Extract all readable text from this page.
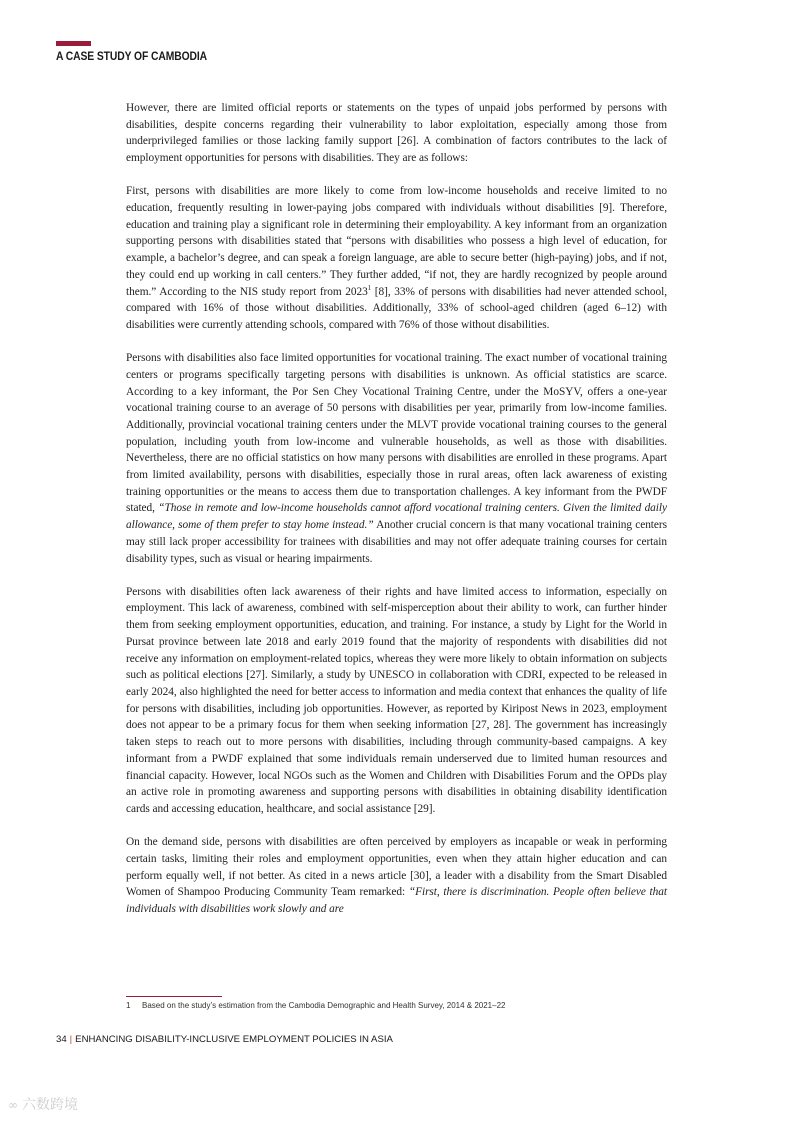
A CASE STUDY OF CAMBODIA

However, there are limited official reports or statements on the types of unpaid jobs performed by persons with disabilities, despite concerns regarding their vulnerability to labor exploitation, especially among those from underprivileged families or those lacking family support [26]. A combination of factors contributes to the lack of employment opportunities for persons with disabilities. They are as follows:

First, persons with disabilities are more likely to come from low-income households and receive limited to no education, frequently resulting in lower-paying jobs compared with individuals without disabilities [9]. Therefore, education and training play a significant role in determining their employability. A key informant from an organization supporting persons with disabilities stated that “persons with disabilities who possess a high level of education, for example, a bachelor’s degree, and can speak a foreign language, are able to secure better (high-paying) jobs, and if not, they could end up working in call centers.” They further added, “if not, they are hardly recognized by people around them.” According to the NIS study report from 2023$^1$ [8], 33% of persons with disabilities had never attended school, compared with 16% of those without disabilities. Additionally, 33% of school-aged children (aged 6–12) with disabilities were currently attending schools, compared with 76% of those without disabilities.

Persons with disabilities also face limited opportunities for vocational training. The exact number of vocational training centers or programs specifically targeting persons with disabilities is unknown. As official statistics are scarce. According to a key informant, the Por Sen Chey Vocational Training Centre, under the MoSYV, offers a one-year vocational training course to an average of 50 persons with disabilities per year, primarily from low-income families. Additionally, provincial vocational training centers under the MLVT provide vocational training courses to the general population, including youth from low-income and vulnerable households, as well as those with disabilities. Nevertheless, there are no official statistics on how many persons with disabilities are enrolled in these programs. Apart from limited availability, persons with disabilities, especially those in rural areas, often lack awareness of existing training opportunities or the means to access them due to transportation challenges. A key informant from the PWDF stated, “Those in remote and low-income households cannot afford vocational training centers. Given the limited daily allowance, some of them prefer to stay home instead.” Another crucial concern is that many vocational training centers may still lack proper accessibility for trainees with disabilities and may not offer adequate training courses for certain disability types, such as visual or hearing impairments.

Persons with disabilities often lack awareness of their rights and have limited access to information, especially on employment. This lack of awareness, combined with self-misperception about their ability to work, can further hinder them from seeking employment opportunities, education, and training. For instance, a study by Light for the World in Pursat province between late 2018 and early 2019 found that the majority of respondents with disabilities did not receive any information on employment-related topics, whereas they were more likely to obtain information on subjects such as political elections [27]. Similarly, a study by UNESCO in collaboration with CDRI, expected to be released in early 2024, also highlighted the need for better access to information and media context that enhances the quality of life for persons with disabilities, including job opportunities. However, as reported by Kiripost News in 2023, employment does not appear to be a primary focus for them when seeking information [27, 28]. The government has increasingly taken steps to reach out to more persons with disabilities, including through community-based campaigns. A key informant from a PWDF explained that some individuals remain underserved due to limited human resources and financial capacity. However, local NGOs such as the Women and Children with Disabilities Forum and the OPDs play an active role in promoting awareness and supporting persons with disabilities in obtaining disability identification cards and accessing education, healthcare, and social assistance [29].

On the demand side, persons with disabilities are often perceived by employers as incapable or weak in performing certain tasks, limiting their roles and employment opportunities, even when they attain higher education and can perform equally well, if not better. As cited in a news article [30], a leader with a disability from the Smart Disabled Women of Shampoo Producing Community Team remarked: “First, there is discrimination. People often believe that individuals with disabilities work slowly and are

1 Based on the study’s estimation from the Cambodia Demographic and Health Survey, 2014 & 2021–22
34 | ENHANCING DISABILITY-INCLUSIVE EMPLOYMENT POLICIES IN ASIA
∞ 六数跨境
